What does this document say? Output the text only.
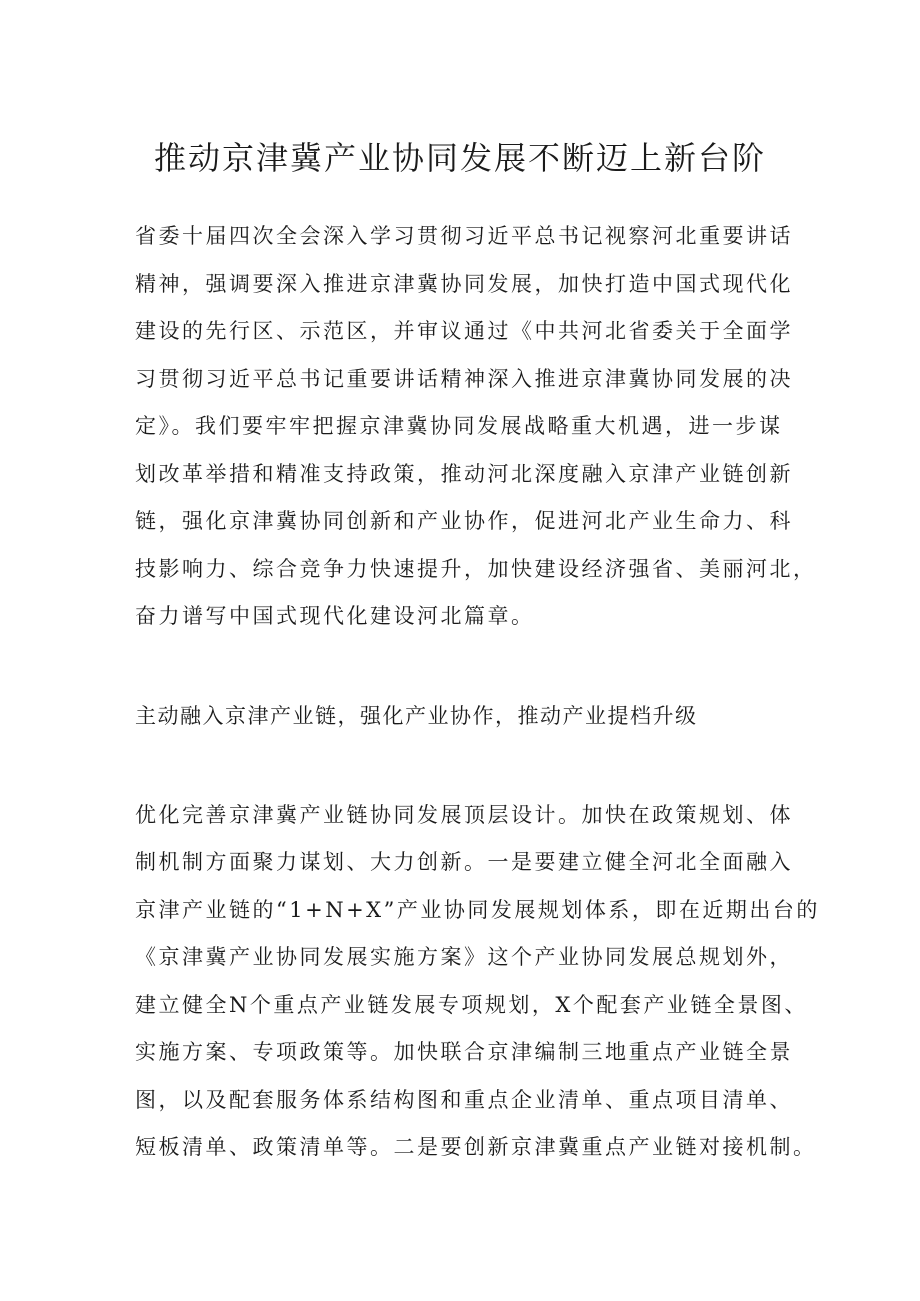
推动京津冀产业协同发展不断迈上新台阶
省委十届四次全会深入学习贯彻习近平总书记视察河北重要讲话
精神，强调要深入推进京津冀协同发展，加快打造中国式现代化
建设的先行区、示范区，并审议通过《中共河北省委关于全面学
习贯彻习近平总书记重要讲话精神深入推进京津冀协同发展的决
定》。我们要牢牢把握京津冀协同发展战略重大机遇，进一步谋
划改革举措和精准支持政策，推动河北深度融入京津产业链创新
链，强化京津冀协同创新和产业协作，促进河北产业生命力、科
技影响力、综合竞争力快速提升，加快建设经济强省、美丽河北，
奋力谱写中国式现代化建设河北篇章。
主动融入京津产业链，强化产业协作，推动产业提档升级
优化完善京津冀产业链协同发展顶层设计。加快在政策规划、体
制机制方面聚力谋划、大力创新。一是要建立健全河北全面融入
京津产业链的“1+N+X”产业协同发展规划体系，即在近期出台的
《京津冀产业协同发展实施方案》这个产业协同发展总规划外，
建立健全N个重点产业链发展专项规划，X个配套产业链全景图、
实施方案、专项政策等。加快联合京津编制三地重点产业链全景
图，以及配套服务体系结构图和重点企业清单、重点项目清单、
短板清单、政策清单等。二是要创新京津冀重点产业链对接机制。
